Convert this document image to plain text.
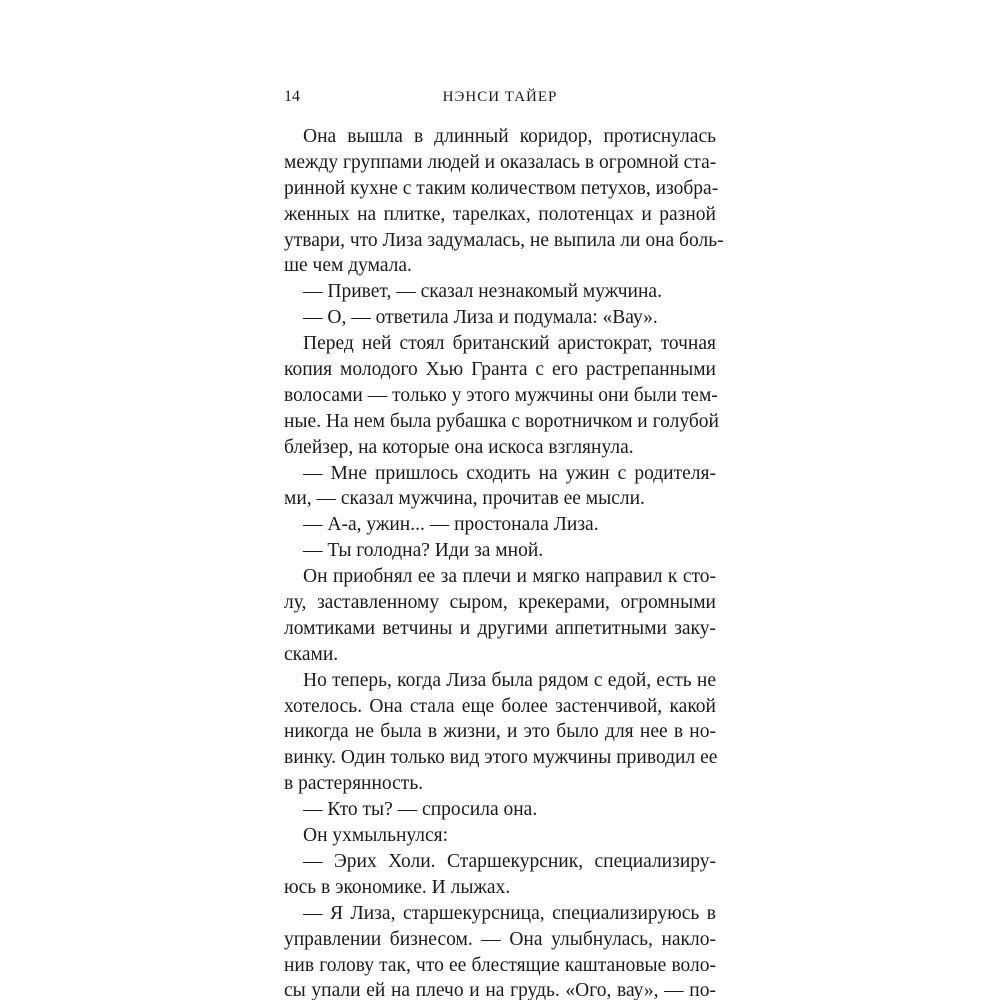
14	НЭНСИ ТАЙЕР
Она вышла в длинный коридор, протиснулась
между группами людей и оказалась в огромной ста-
ринной кухне с таким количеством петухов, изобра-
женных на плитке, тарелках, полотенцах и разной
утвари, что Лиза задумалась, не выпила ли она боль-
ше чем думала.
— Привет, — сказал незнакомый мужчина.
— О, — ответила Лиза и подумала: «Вау».
Перед ней стоял британский аристократ, точная
копия молодого Хью Гранта с его растрепанными
волосами — только у этого мужчины они были тем-
ные. На нем была рубашка с воротничком и голубой
блейзер, на которые она искоса взглянула.
— Мне пришлось сходить на ужин с родителя-
ми, — сказал мужчина, прочитав ее мысли.
— А-а, ужин... — простонала Лиза.
— Ты голодна? Иди за мной.
Он приобнял ее за плечи и мягко направил к сто-
лу, заставленному сыром, крекерами, огромными
ломтиками ветчины и другими аппетитными заку-
сками.
Но теперь, когда Лиза была рядом с едой, есть не
хотелось. Она стала еще более застенчивой, какой
никогда не была в жизни, и это было для нее в но-
винку. Один только вид этого мужчины приводил ее
в растерянность.
— Кто ты? — спросила она.
Он ухмыльнулся:
— Эрих Холи. Старшекурсник, специализиру-
юсь в экономике. И лыжах.
— Я Лиза, старшекурсница, специализируюсь в
управлении бизнесом. — Она улыбнулась, накло-
нив голову так, что ее блестящие каштановые воло-
сы упали ей на плечо и на грудь. «Ого, вау», — по-
